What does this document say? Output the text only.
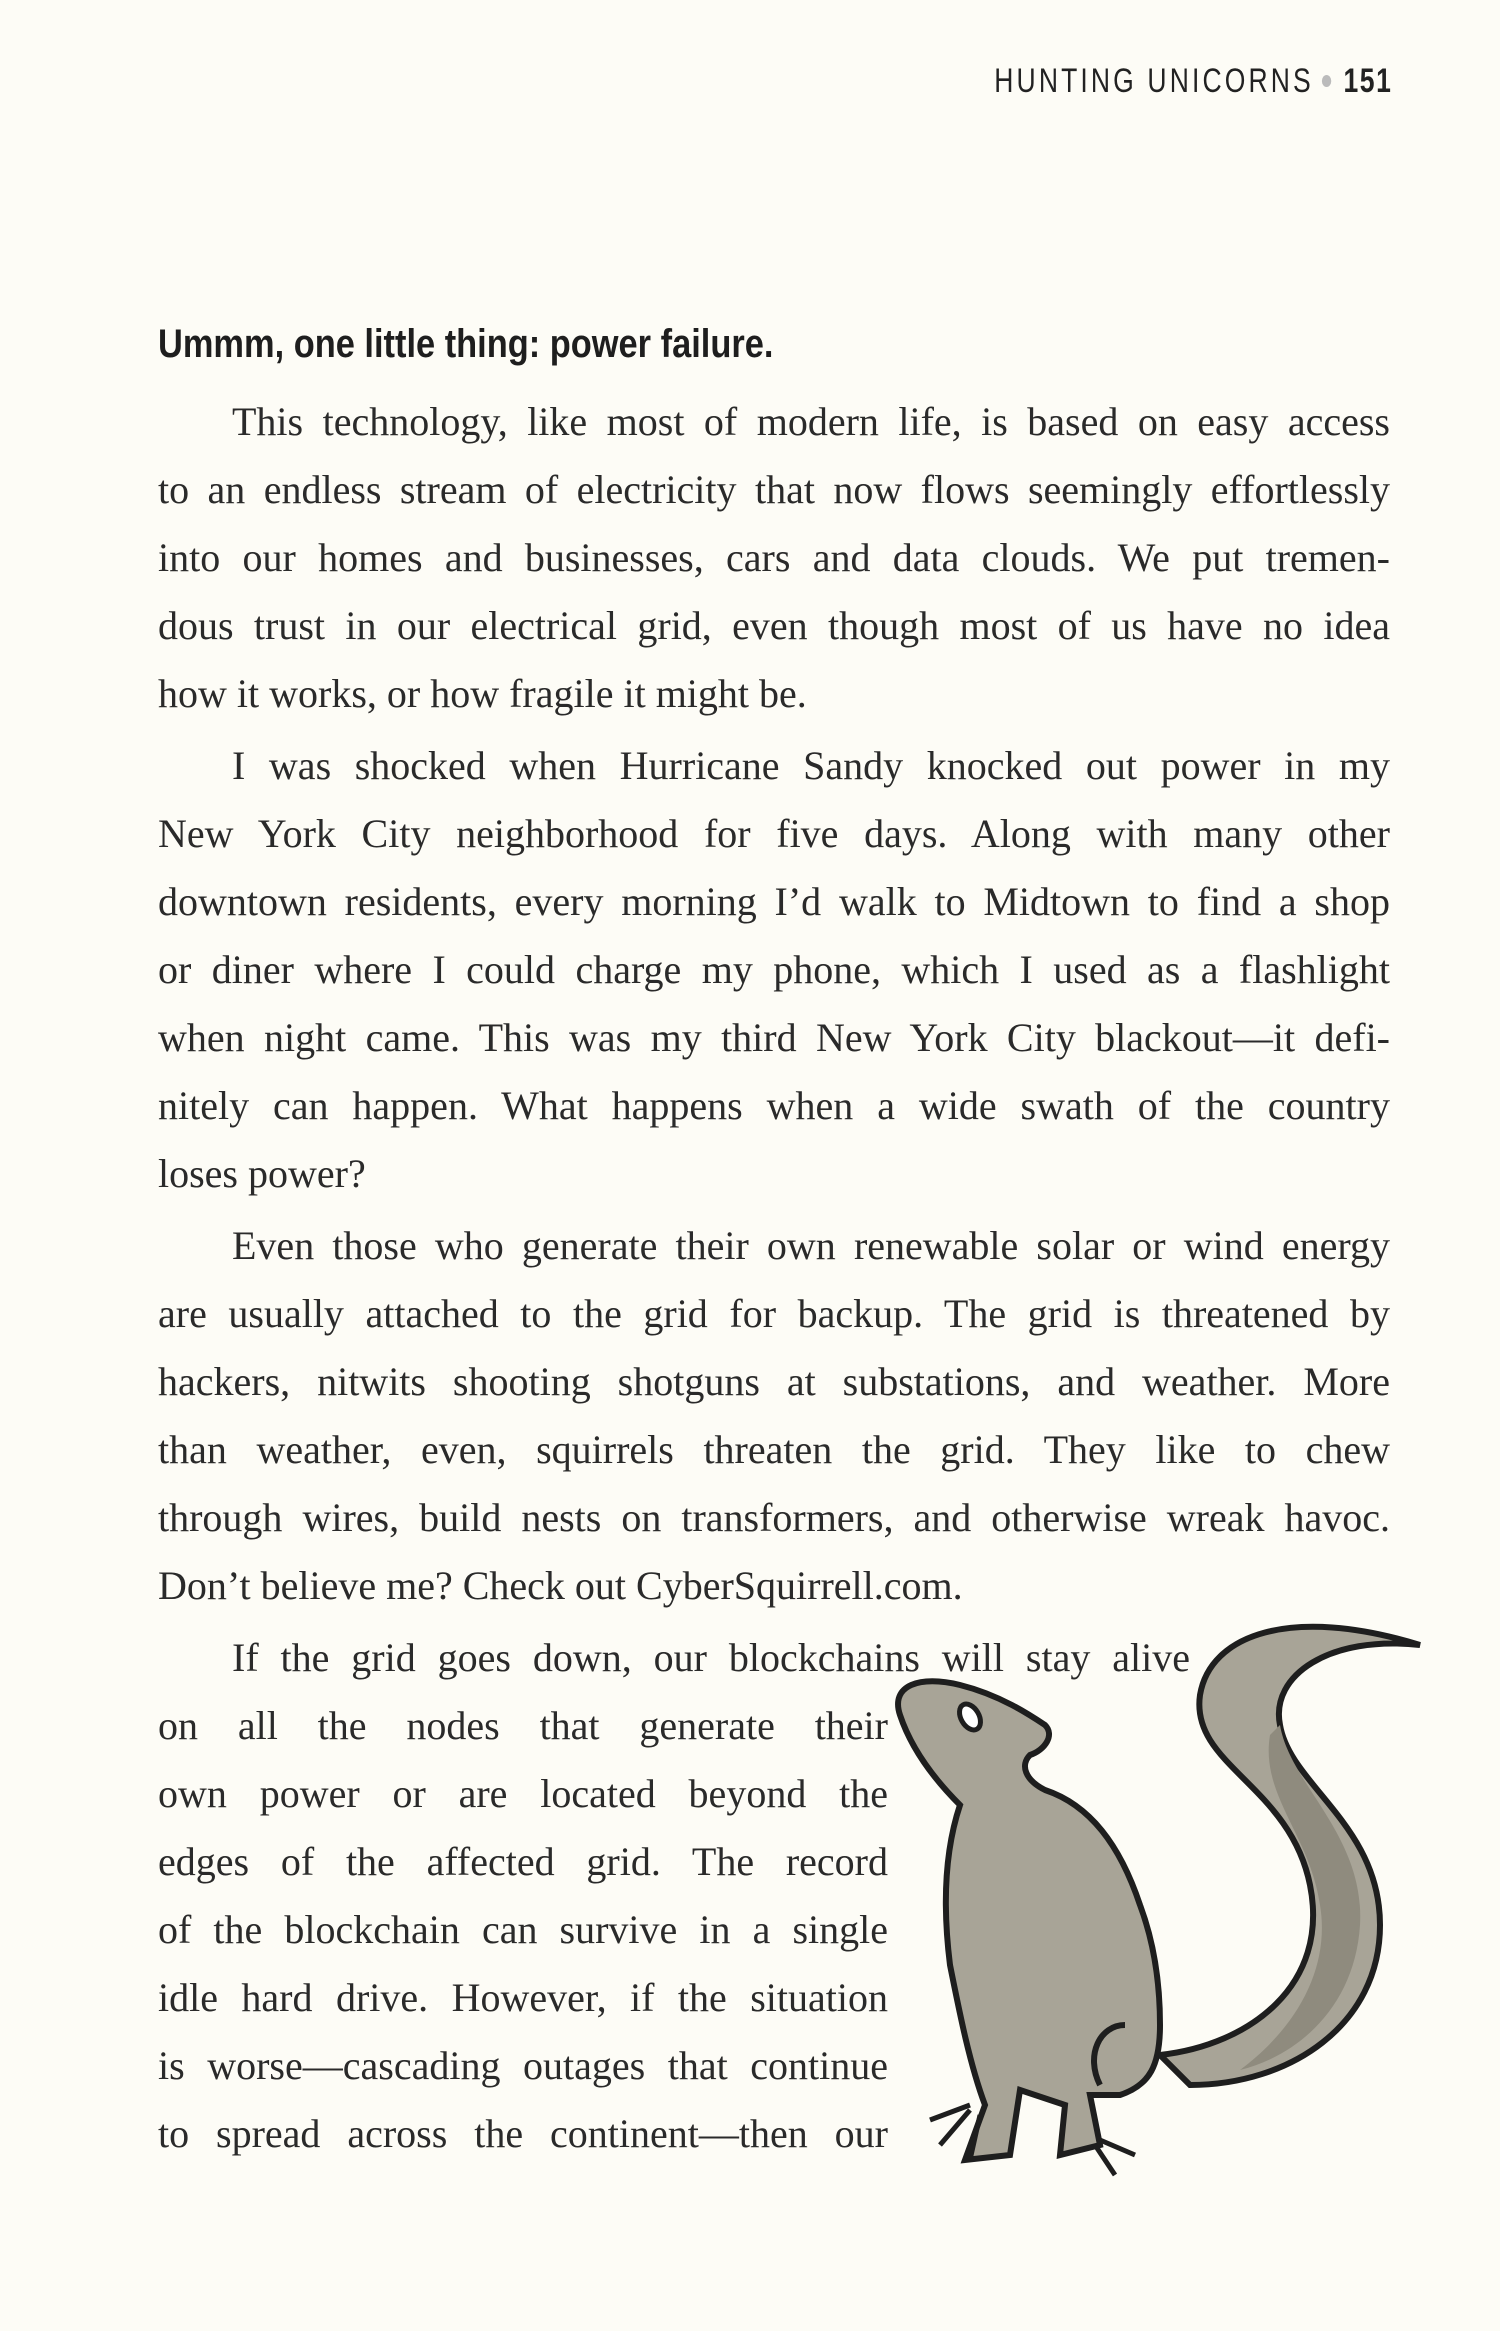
HUNTING UNICORNS 151
Ummm, one little thing: power failure.
This technology, like most of modern life, is based on easy access
to an endless stream of electricity that now flows seemingly effortlessly
into our homes and businesses, cars and data clouds. We put tremen-
dous trust in our electrical grid, even though most of us have no idea
how it works, or how fragile it might be.
I was shocked when Hurricane Sandy knocked out power in my
New York City neighborhood for five days. Along with many other
downtown residents, every morning I’d walk to Midtown to find a shop
or diner where I could charge my phone, which I used as a flashlight
when night came. This was my third New York City blackout—it defi-
nitely can happen. What happens when a wide swath of the country
loses power?
Even those who generate their own renewable solar or wind energy
are usually attached to the grid for backup. The grid is threatened by
hackers, nitwits shooting shotguns at substations, and weather. More
than weather, even, squirrels threaten the grid. They like to chew
through wires, build nests on transformers, and otherwise wreak havoc.
Don’t believe me? Check out CyberSquirrell.com.
If the grid goes down, our blockchains will stay alive
on all the nodes that generate their
own power or are located beyond the
edges of the affected grid. The record
of the blockchain can survive in a single
idle hard drive. However, if the situation
is worse—cascading outages that continue
to spread across the continent—then our
